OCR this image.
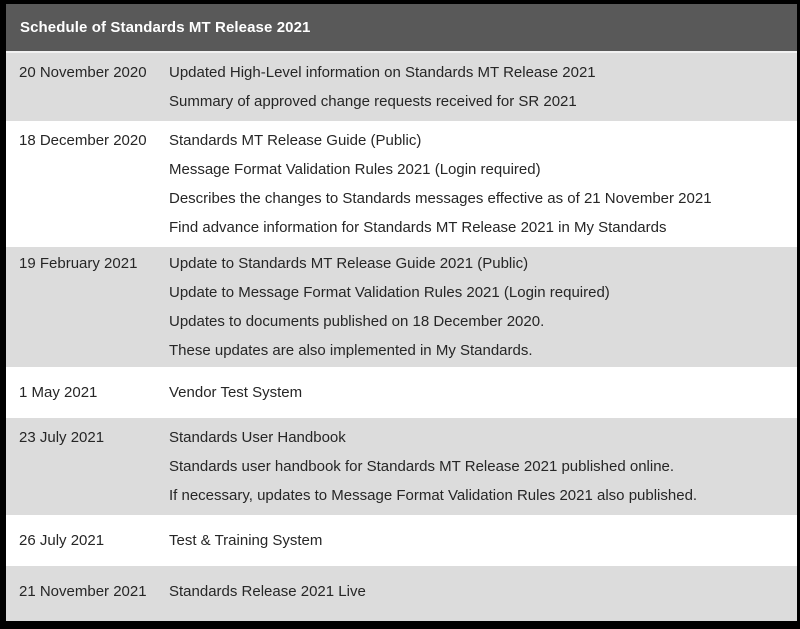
Schedule of Standards MT Release 2021
20 November 2020	Updated High-Level information on Standards MT Release 2021
Summary of approved change requests received for SR 2021
18 December 2020	Standards MT Release Guide (Public)
Message Format Validation Rules 2021 (Login required)
Describes the changes to Standards messages effective as of 21 November 2021
Find advance information for Standards MT Release 2021 in My Standards
19 February 2021	Update to Standards MT Release Guide 2021 (Public)
Update to Message Format Validation Rules 2021 (Login required)
Updates to documents published on 18 December 2020.
These updates are also implemented in My Standards.
1 May 2021	Vendor Test System
23 July 2021	Standards User Handbook
Standards user handbook for Standards MT Release 2021 published online.
If necessary, updates to Message Format Validation Rules 2021 also published.
26 July 2021	Test & Training System
21 November 2021	Standards Release 2021 Live
